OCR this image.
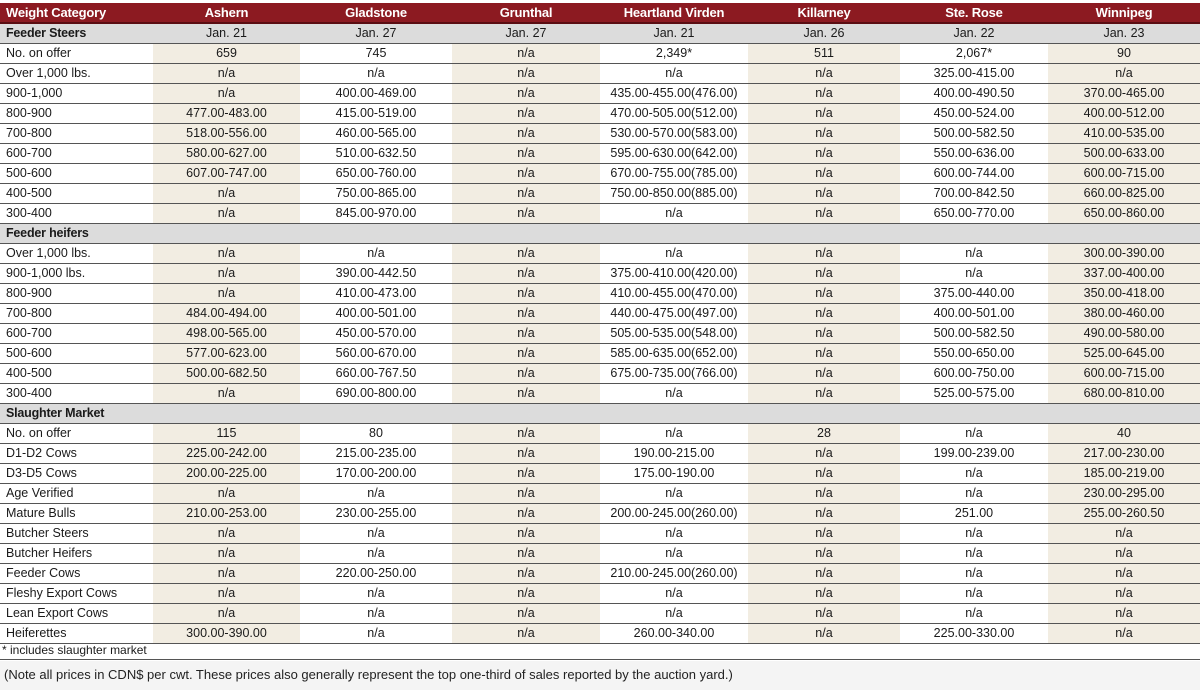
Weight Category	Ashern	Gladstone	Grunthal	Heartland Virden	Killarney	Ste. Rose	Winnipeg
Feeder Steers	Jan. 21	Jan. 27	Jan. 27	Jan. 21	Jan. 26	Jan. 22	Jan. 23
No. on offer	659	745	n/a	2,349*	511	2,067*	90
Over 1,000 lbs.	n/a	n/a	n/a	n/a	n/a	325.00-415.00	n/a
900-1,000	n/a	400.00-469.00	n/a	435.00-455.00(476.00)	n/a	400.00-490.50	370.00-465.00
800-900	477.00-483.00	415.00-519.00	n/a	470.00-505.00(512.00)	n/a	450.00-524.00	400.00-512.00
700-800	518.00-556.00	460.00-565.00	n/a	530.00-570.00(583.00)	n/a	500.00-582.50	410.00-535.00
600-700	580.00-627.00	510.00-632.50	n/a	595.00-630.00(642.00)	n/a	550.00-636.00	500.00-633.00
500-600	607.00-747.00	650.00-760.00	n/a	670.00-755.00(785.00)	n/a	600.00-744.00	600.00-715.00
400-500	n/a	750.00-865.00	n/a	750.00-850.00(885.00)	n/a	700.00-842.50	660.00-825.00
300-400	n/a	845.00-970.00	n/a	n/a	n/a	650.00-770.00	650.00-860.00
Feeder heifers							
Over 1,000 lbs.	n/a	n/a	n/a	n/a	n/a	n/a	300.00-390.00
900-1,000 lbs.	n/a	390.00-442.50	n/a	375.00-410.00(420.00)	n/a	n/a	337.00-400.00
800-900	n/a	410.00-473.00	n/a	410.00-455.00(470.00)	n/a	375.00-440.00	350.00-418.00
700-800	484.00-494.00	400.00-501.00	n/a	440.00-475.00(497.00)	n/a	400.00-501.00	380.00-460.00
600-700	498.00-565.00	450.00-570.00	n/a	505.00-535.00(548.00)	n/a	500.00-582.50	490.00-580.00
500-600	577.00-623.00	560.00-670.00	n/a	585.00-635.00(652.00)	n/a	550.00-650.00	525.00-645.00
400-500	500.00-682.50	660.00-767.50	n/a	675.00-735.00(766.00)	n/a	600.00-750.00	600.00-715.00
300-400	n/a	690.00-800.00	n/a	n/a	n/a	525.00-575.00	680.00-810.00
Slaughter Market							
No. on offer	115	80	n/a	n/a	28	n/a	40
D1-D2 Cows	225.00-242.00	215.00-235.00	n/a	190.00-215.00	n/a	199.00-239.00	217.00-230.00
D3-D5 Cows	200.00-225.00	170.00-200.00	n/a	175.00-190.00	n/a	n/a	185.00-219.00
Age Verified	n/a	n/a	n/a	n/a	n/a	n/a	230.00-295.00
Mature Bulls	210.00-253.00	230.00-255.00	n/a	200.00-245.00(260.00)	n/a	251.00	255.00-260.50
Butcher Steers	n/a	n/a	n/a	n/a	n/a	n/a	n/a
Butcher Heifers	n/a	n/a	n/a	n/a	n/a	n/a	n/a
Feeder Cows	n/a	220.00-250.00	n/a	210.00-245.00(260.00)	n/a	n/a	n/a
Fleshy Export Cows	n/a	n/a	n/a	n/a	n/a	n/a	n/a
Lean Export Cows	n/a	n/a	n/a	n/a	n/a	n/a	n/a
Heiferettes	300.00-390.00	n/a	n/a	260.00-340.00	n/a	225.00-330.00	n/a
* includes slaughter market
(Note all prices in CDN$ per cwt. These prices also generally represent the top one-third of sales reported by the auction yard.)
